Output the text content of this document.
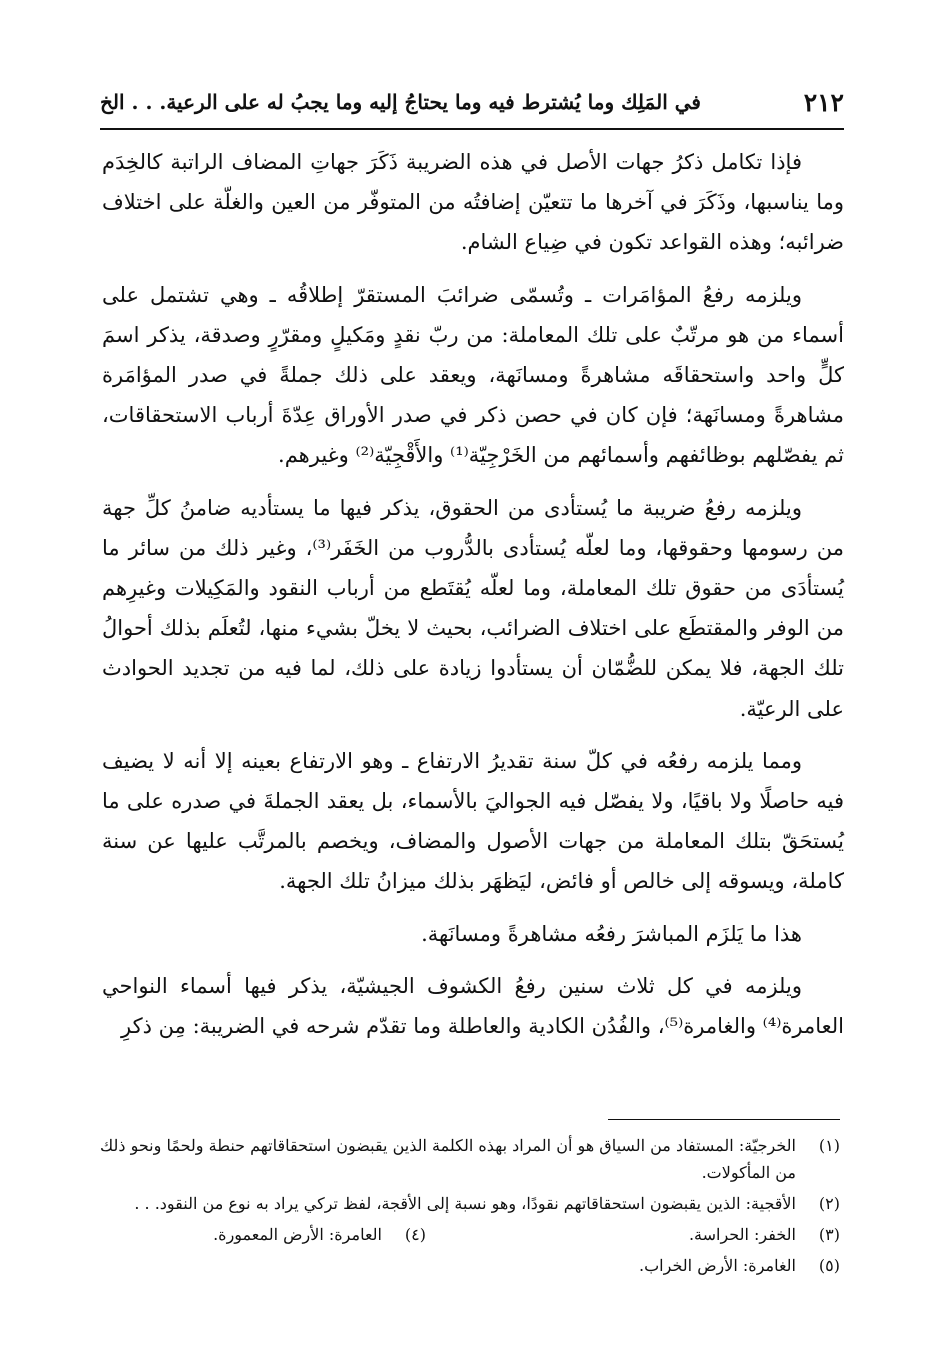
٢١٢
في المَلِك وما يُشترط فيه وما يحتاجُ إليه وما يجبُ له على الرعية. . . الخ

فإذا تكامل ذكرُ جهات الأصل في هذه الضريبة ذَكَرَ جهاتِ المضاف الراتبة كالخِدَم وما يناسبها، وذَكَرَ في آخرها ما تتعيّن إضافتُه من المتوفّر من العين والغلّة على اختلاف ضرائبه؛ وهذه القواعد تكون في ضِياع الشام.

ويلزمه رفعُ المؤامَرات ـ وتُسمّى ضرائبَ المستقرّ إطلاقُه ـ وهي تشتمل على أسماء من هو مرتّبٌ على تلك المعاملة: من ربّ نقدٍ ومَكيلٍ ومقرّرٍ وصدقة، يذكر اسمَ كلٍّ واحد واستحقاقَه مشاهرةً ومسانَهة، ويعقد على ذلك جملةً في صدر المؤامَرة مشاهرةً ومسانَهة؛ فإن كان في حصن ذكر في صدر الأوراق عِدّةَ أرباب الاستحقاقات، ثم يفصّلهم بوظائفهم وأسمائهم من الخَرْجِيّة⁽¹⁾ والأَقْجِيّة⁽²⁾ وغيرهم.

ويلزمه رفعُ ضريبة ما يُستأدى من الحقوق، يذكر فيها ما يستأديه ضامنُ كلِّ جهة من رسومها وحقوقها، وما لعلّه يُستأدى بالدُّروب من الخَفَر⁽³⁾، وغير ذلك من سائر ما يُستأدَى من حقوق تلك المعاملة، وما لعلّه يُقتَطع من أرباب النقود والمَكِيلات وغيرِهم من الوفر والمقتطَع على اختلاف الضرائب، بحيث لا يخلّ بشيء منها، لتُعلَم بذلك أحوالُ تلك الجهة، فلا يمكن للضُّمّان أن يستأدوا زيادة على ذلك، لما فيه من تجديد الحوادث على الرعيّة.

ومما يلزمه رفعُه في كلّ سنة تقديرُ الارتفاع ـ وهو الارتفاع بعينه إلا أنه لا يضيف فيه حاصلًا ولا باقيًا، ولا يفصّل فيه الجواليَ بالأسماء، بل يعقد الجملةَ في صدره على ما يُستحَقّ بتلك المعاملة من جهات الأصول والمضاف، ويخصم بالمرتَّب عليها عن سنة كاملة، ويسوقه إلى خالص أو فائض، ليَظهَر بذلك ميزانُ تلك الجهة.

هذا ما يَلزَم المباشرَ رفعُه مشاهرةً ومسانَهة.

ويلزمه في كل ثلاث سنين رفعُ الكشوف الجيشيّة، يذكر فيها أسماء النواحي العامرة⁽⁴⁾ والغامرة⁽⁵⁾، والفُدُن الكادية والعاطلة وما تقدّم شرحه في الضريبة: مِن ذكرِ

(١)
الخرجيّة: المستفاد من السياق هو أن المراد بهذه الكلمة الذين يقبضون استحقاقاتهم حنطة ولحمًا ونحو ذلك من المأكولات.
(٢)
الأقجية: الذين يقبضون استحقاقاتهم نقودًا، وهو نسبة إلى الأقجة، لفظ تركي يراد به نوع من النقود. . .
(٣)
الخفر: الحراسة.
(٤)
العامرة: الأرض المعمورة.
(٥)
الغامرة: الأرض الخراب.
